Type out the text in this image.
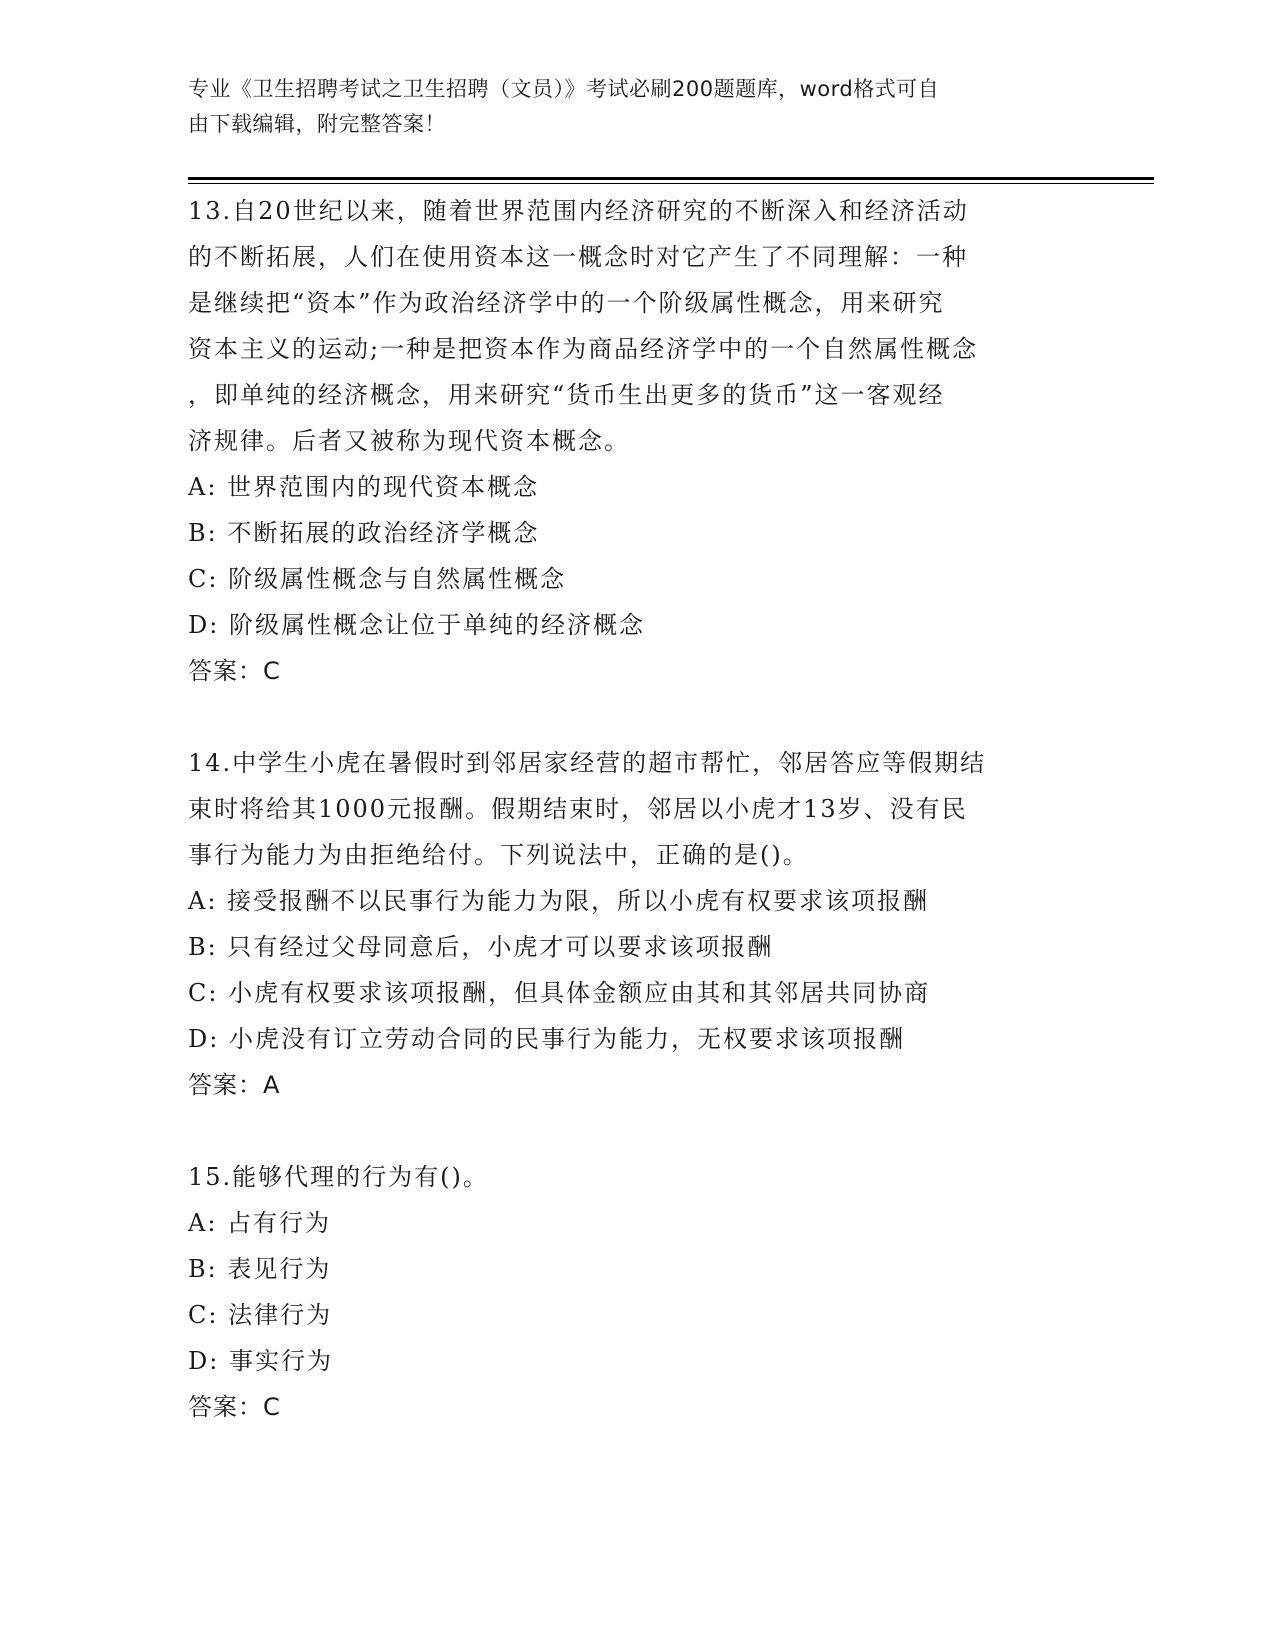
专业《卫生招聘考试之卫生招聘（文员）》考试必刷200题题库，word格式可自
由下载编辑，附完整答案！

13.自20世纪以来，随着世界范围内经济研究的不断深入和经济活动

的不断拓展，人们在使用资本这一概念时对它产生了不同理解：一种

是继续把“资本”作为政治经济学中的一个阶级属性概念，用来研究

资本主义的运动;一种是把资本作为商品经济学中的一个自然属性概念

，即单纯的经济概念，用来研究“货币生出更多的货币”这一客观经

济规律。后者又被称为现代资本概念。

A: 世界范围内的现代资本概念

B: 不断拓展的政治经济学概念

C: 阶级属性概念与自然属性概念

D: 阶级属性概念让位于单纯的经济概念

答案：C

14.中学生小虎在暑假时到邻居家经营的超市帮忙，邻居答应等假期结

束时将给其1000元报酬。假期结束时，邻居以小虎才13岁、没有民

事行为能力为由拒绝给付。下列说法中，正确的是()。

A: 接受报酬不以民事行为能力为限，所以小虎有权要求该项报酬

B: 只有经过父母同意后，小虎才可以要求该项报酬

C: 小虎有权要求该项报酬，但具体金额应由其和其邻居共同协商

D: 小虎没有订立劳动合同的民事行为能力，无权要求该项报酬

答案：A

15.能够代理的行为有()。

A: 占有行为

B: 表见行为

C: 法律行为

D: 事实行为

答案：C
